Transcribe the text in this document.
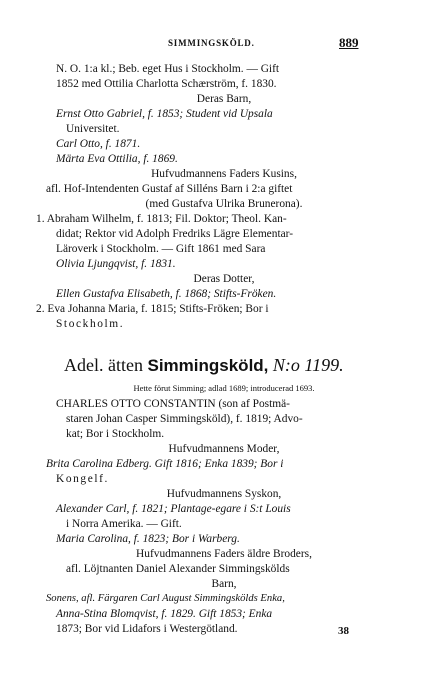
SIMMINGSKÖLD.	889
N. O. 1:a kl.; Beb. eget Hus i Stockholm. — Gift
1852 med Ottilia Charlotta Schærström, f. 1830.
Deras Barn,
Ernst Otto Gabriel, f. 1853; Student vid Upsala
Universitet.
Carl Otto, f. 1871.
Märta Eva Ottilia, f. 1869.
Hufvudmannens Faders Kusins,
afl. Hof-Intendenten Gustaf af Silléns Barn i 2:a giftet
(med Gustafva Ulrika Brunerona).
1. Abraham Wilhelm, f. 1813; Fil. Doktor; Theol. Kan-
didat; Rektor vid Adolph Fredriks Lägre Elementar-
Läroverk i Stockholm. — Gift 1861 med Sara
Olivia Ljungqvist, f. 1831.
Deras Dotter,
Ellen Gustafva Elisabeth, f. 1868; Stifts-Fröken.
2. Eva Johanna Maria, f. 1815; Stifts-Fröken; Bor i
Stockholm.
Adel. ätten Simmingsköld, N:o 1199.
Hette förut Simming; adlad 1689; introducerad 1693.
CHARLES OTTO CONSTANTIN (son af Postmä-
staren Johan Casper Simmingsköld), f. 1819; Advo-
kat; Bor i Stockholm.
Hufvudmannens Moder,
Brita Carolina Edberg. Gift 1816; Enka 1839; Bor i
Kongelf.
Hufvudmannens Syskon,
Alexander Carl, f. 1821; Plantage-egare i S:t Louis
i Norra Amerika. — Gift.
Maria Carolina, f. 1823; Bor i Warberg.
Hufvudmannens Faders äldre Broders,
afl. Löjtnanten Daniel Alexander Simmingskölds
Barn,
Sonens, afl. Färgaren Carl August Simmingskölds Enka,
Anna-Stina Blomqvist, f. 1829. Gift 1853; Enka
1873; Bor vid Lidafors i Westergötland.	38
